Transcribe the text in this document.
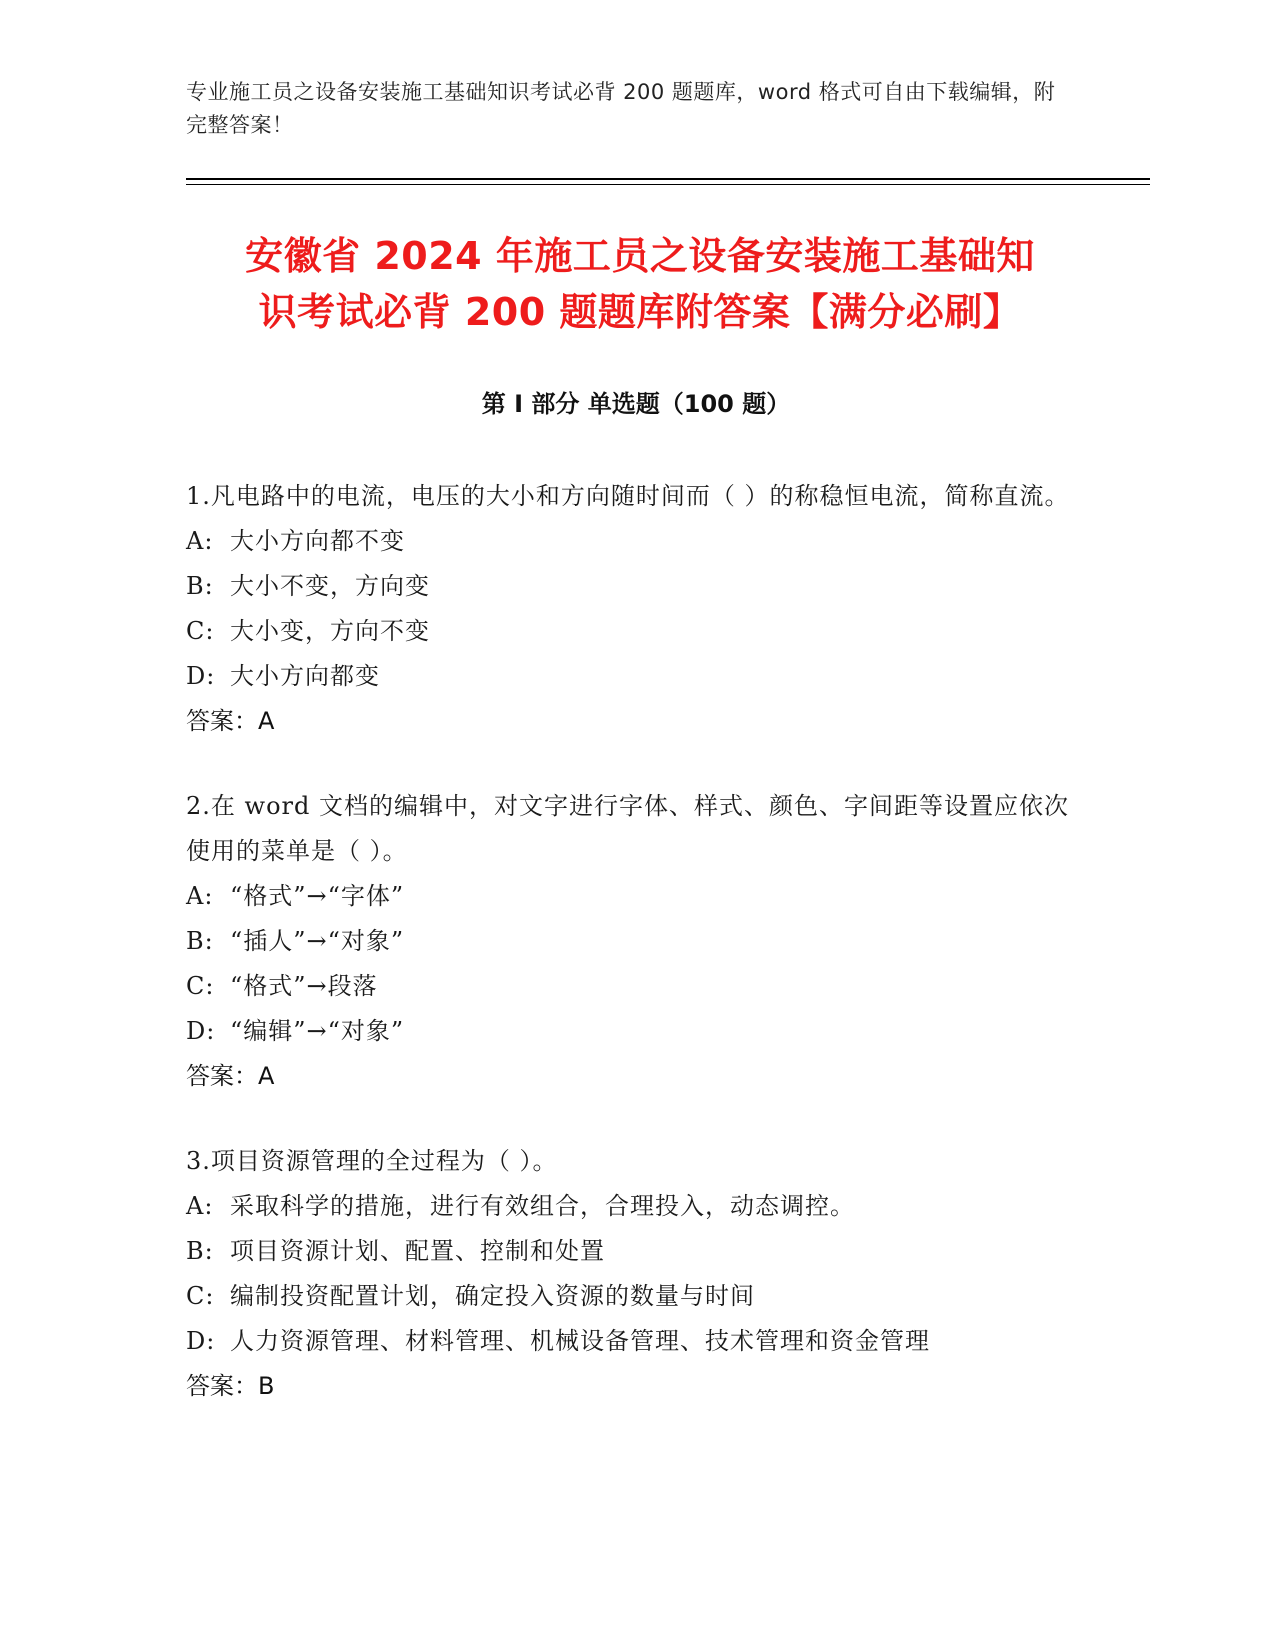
专业施工员之设备安装施工基础知识考试必背 200 题题库，word 格式可自由下载编辑，附完整答案！
安徽省 2024 年施工员之设备安装施工基础知
识考试必背 200 题题库附答案【满分必刷】
第 I 部分 单选题（100 题）
1.凡电路中的电流，电压的大小和方向随时间而（ ）的称稳恒电流，简称直流。
A: 大小方向都不变
B: 大小不变，方向变
C: 大小变，方向不变
D: 大小方向都变
答案：A
2.在 word 文档的编辑中，对文字进行字体、样式、颜色、字间距等设置应依次使用的菜单是（ ）。
A: “格式”→“字体”
B: “插人”→“对象”
C: “格式”→段落
D: “编辑”→“对象”
答案：A
3.项目资源管理的全过程为（ ）。
A: 采取科学的措施，进行有效组合，合理投入，动态调控。
B: 项目资源计划、配置、控制和处置
C: 编制投资配置计划，确定投入资源的数量与时间
D: 人力资源管理、材料管理、机械设备管理、技术管理和资金管理
答案：B
